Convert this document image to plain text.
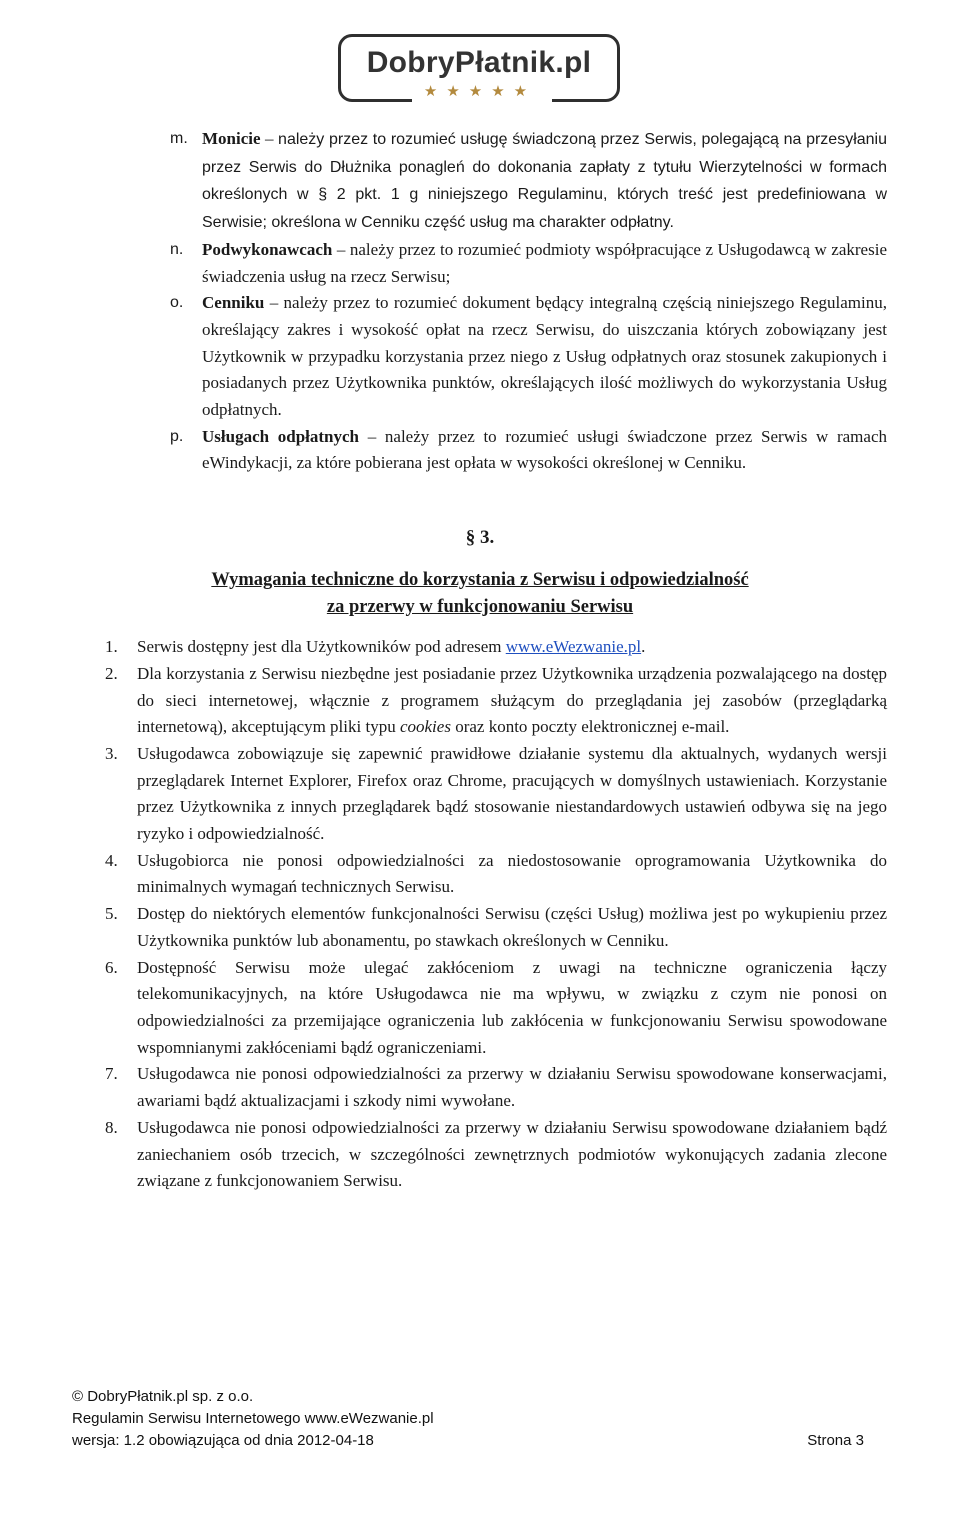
DobryPłatnik.pl
★★★★★
m. Monicie – należy przez to rozumieć usługę świadczoną przez Serwis, polegającą na przesyłaniu przez Serwis do Dłużnika ponagleń do dokonania zapłaty z tytułu Wierzytelności w formach określonych w § 2 pkt. 1 g niniejszego Regulaminu, których treść jest predefiniowana w Serwisie; określona w Cenniku część usług ma charakter odpłatny.
n. Podwykonawcach – należy przez to rozumieć podmioty współpracujące z Usługodawcą w zakresie świadczenia usług na rzecz Serwisu;
o. Cenniku – należy przez to rozumieć dokument będący integralną częścią niniejszego Regulaminu, określający zakres i wysokość opłat na rzecz Serwisu, do uiszczania których zobowiązany jest Użytkownik w przypadku korzystania przez niego z Usług odpłatnych oraz stosunek zakupionych i posiadanych przez Użytkownika punktów, określających ilość możliwych do wykorzystania Usług odpłatnych.
p. Usługach odpłatnych – należy przez to rozumieć usługi świadczone przez Serwis w ramach eWindykacji, za które pobierana jest opłata w wysokości określonej w Cenniku.
§ 3.
Wymagania techniczne do korzystania z Serwisu i odpowiedzialność
za przerwy w funkcjonowaniu Serwisu
1. Serwis dostępny jest dla Użytkowników pod adresem www.eWezwanie.pl.
2. Dla korzystania z Serwisu niezbędne jest posiadanie przez Użytkownika urządzenia pozwalającego na dostęp do sieci internetowej, włącznie z programem służącym do przeglądania jej zasobów (przeglądarką internetową), akceptującym pliki typu cookies oraz konto poczty elektronicznej e-mail.
3. Usługodawca zobowiązuje się zapewnić prawidłowe działanie systemu dla aktualnych, wydanych wersji przeglądarek Internet Explorer, Firefox oraz Chrome, pracujących w domyślnych ustawieniach. Korzystanie przez Użytkownika z innych przeglądarek bądź stosowanie niestandardowych ustawień odbywa się na jego ryzyko i odpowiedzialność.
4. Usługobiorca nie ponosi odpowiedzialności za niedostosowanie oprogramowania Użytkownika do minimalnych wymagań technicznych Serwisu.
5. Dostęp do niektórych elementów funkcjonalności Serwisu (części Usług) możliwa jest po wykupieniu przez Użytkownika punktów lub abonamentu, po stawkach określonych w Cenniku.
6. Dostępność Serwisu może ulegać zakłóceniom z uwagi na techniczne ograniczenia łączy telekomunikacyjnych, na które Usługodawca nie ma wpływu, w związku z czym nie ponosi on odpowiedzialności za przemijające ograniczenia lub zakłócenia w funkcjonowaniu Serwisu spowodowane wspomnianymi zakłóceniami bądź ograniczeniami.
7. Usługodawca nie ponosi odpowiedzialności za przerwy w działaniu Serwisu spowodowane konserwacjami, awariami bądź aktualizacjami i szkody nimi wywołane.
8. Usługodawca nie ponosi odpowiedzialności za przerwy w działaniu Serwisu spowodowane działaniem bądź zaniechaniem osób trzecich, w szczególności zewnętrznych podmiotów wykonujących zadania zlecone związane z funkcjonowaniem Serwisu.
© DobryPłatnik.pl sp. z o.o.
Regulamin Serwisu Internetowego www.eWezwanie.pl
wersja: 1.2 obowiązująca od dnia 2012-04-18	Strona 3
